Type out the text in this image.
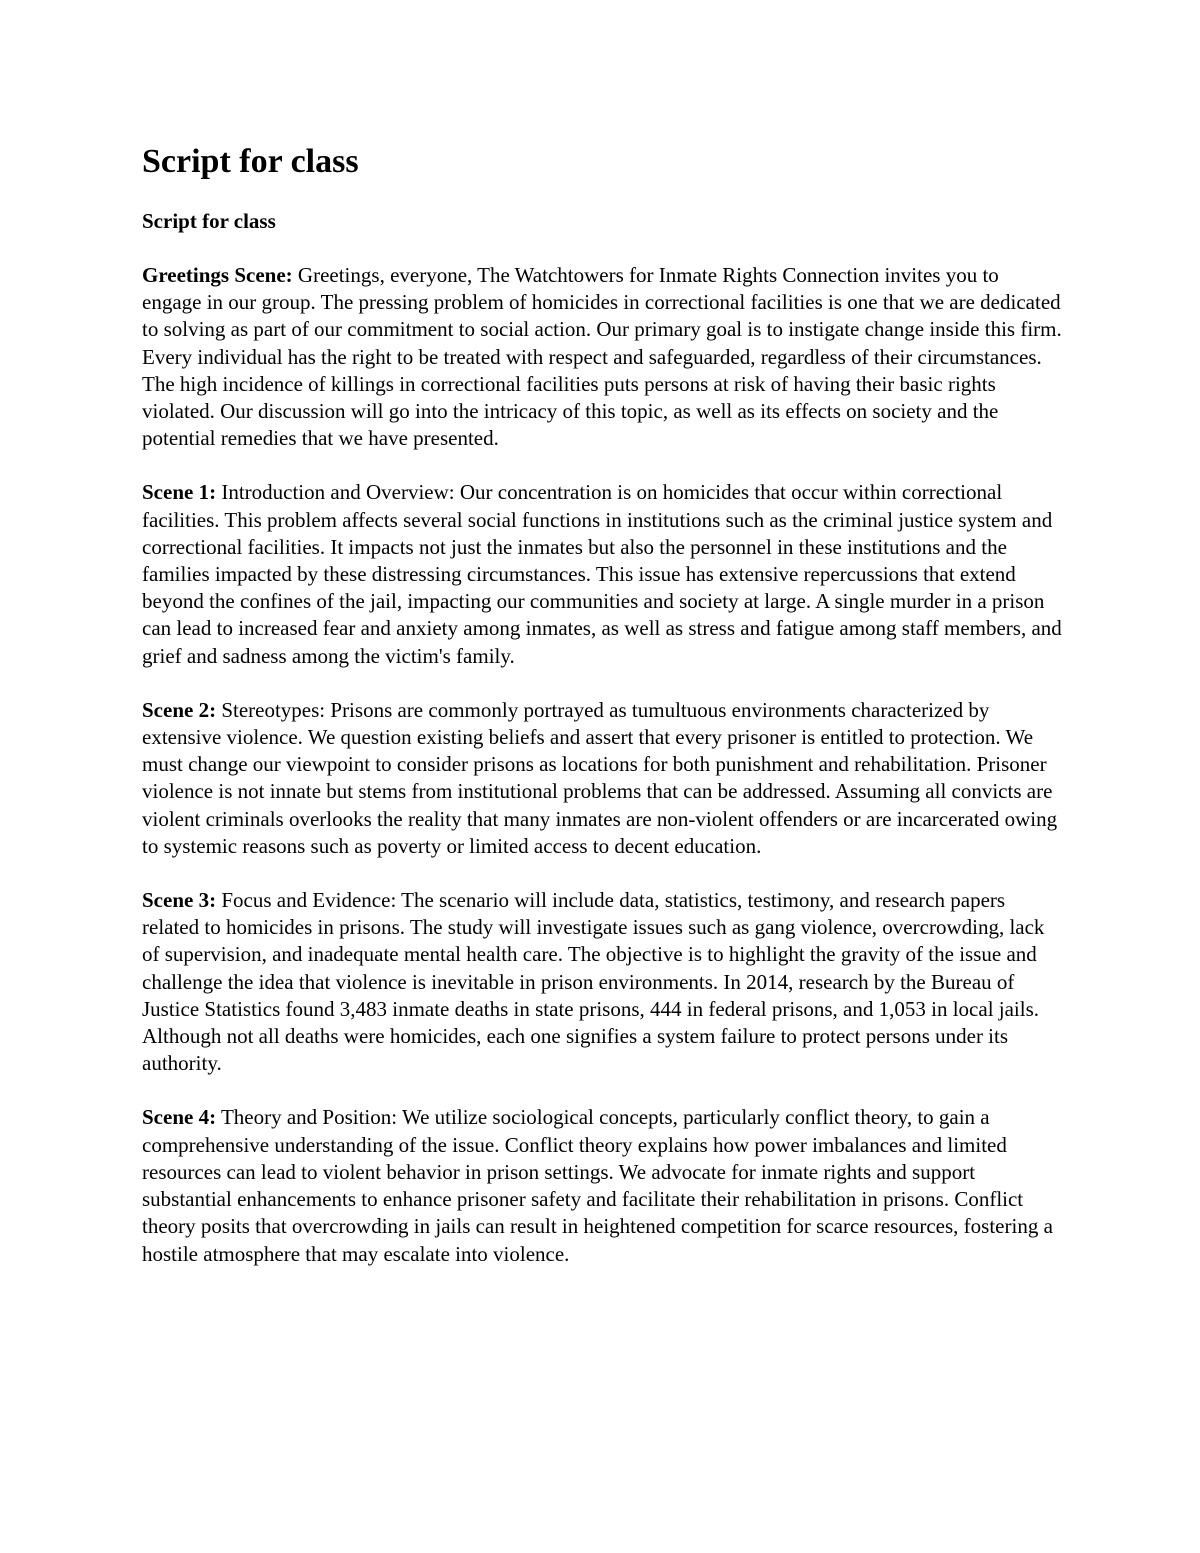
Script for class

Script for class

Greetings Scene: Greetings, everyone, The Watchtowers for Inmate Rights Connection invites you to engage in our group. The pressing problem of homicides in correctional facilities is one that we are dedicated to solving as part of our commitment to social action. Our primary goal is to instigate change inside this firm. Every individual has the right to be treated with respect and safeguarded, regardless of their circumstances. The high incidence of killings in correctional facilities puts persons at risk of having their basic rights violated. Our discussion will go into the intricacy of this topic, as well as its effects on society and the potential remedies that we have presented.

Scene 1: Introduction and Overview: Our concentration is on homicides that occur within correctional facilities. This problem affects several social functions in institutions such as the criminal justice system and correctional facilities. It impacts not just the inmates but also the personnel in these institutions and the families impacted by these distressing circumstances. This issue has extensive repercussions that extend beyond the confines of the jail, impacting our communities and society at large. A single murder in a prison can lead to increased fear and anxiety among inmates, as well as stress and fatigue among staff members, and grief and sadness among the victim's family.

Scene 2: Stereotypes: Prisons are commonly portrayed as tumultuous environments characterized by extensive violence. We question existing beliefs and assert that every prisoner is entitled to protection. We must change our viewpoint to consider prisons as locations for both punishment and rehabilitation. Prisoner violence is not innate but stems from institutional problems that can be addressed. Assuming all convicts are violent criminals overlooks the reality that many inmates are non-violent offenders or are incarcerated owing to systemic reasons such as poverty or limited access to decent education.

Scene 3: Focus and Evidence: The scenario will include data, statistics, testimony, and research papers related to homicides in prisons. The study will investigate issues such as gang violence, overcrowding, lack of supervision, and inadequate mental health care. The objective is to highlight the gravity of the issue and challenge the idea that violence is inevitable in prison environments. In 2014, research by the Bureau of Justice Statistics found 3,483 inmate deaths in state prisons, 444 in federal prisons, and 1,053 in local jails. Although not all deaths were homicides, each one signifies a system failure to protect persons under its authority.

Scene 4: Theory and Position: We utilize sociological concepts, particularly conflict theory, to gain a comprehensive understanding of the issue. Conflict theory explains how power imbalances and limited resources can lead to violent behavior in prison settings. We advocate for inmate rights and support substantial enhancements to enhance prisoner safety and facilitate their rehabilitation in prisons. Conflict theory posits that overcrowding in jails can result in heightened competition for scarce resources, fostering a hostile atmosphere that may escalate into violence.
